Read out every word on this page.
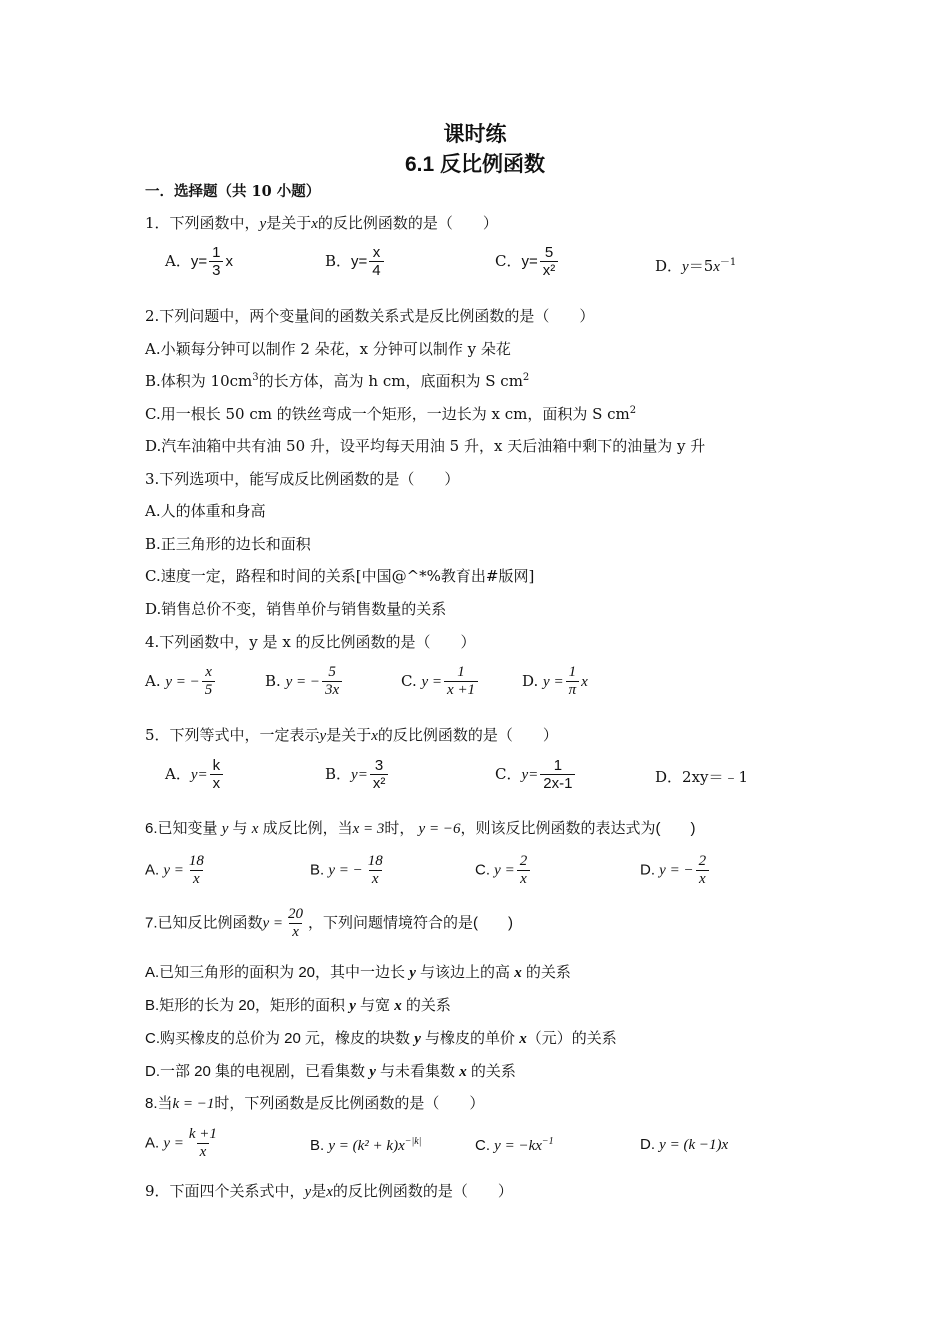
课时练
6.1 反比例函数
一．选择题（共 10 小题）
1．下列函数中，y是关于x的反比例函数的是（　　）
A．$y= \frac{1}{3}$ x	B．$y= \frac{x}{4}$	C．$y= \frac{5}{\text{x²}}$	D．$y=5x^{-1}$
2.下列问题中，两个变量间的函数关系式是反比例函数的是（　　）
A.小颖每分钟可以制作 2 朵花，x 分钟可以制作 y 朵花
B.体积为 $10cm^3$的长方体，高为 h cm，底面积为 S $cm^2$
C.用一根长 50 cm 的铁丝弯成一个矩形，一边长为 x cm，面积为 S $cm^2$
D.汽车油箱中共有油 50 升，设平均每天用油 5 升，x 天后油箱中剩下的油量为 y 升
3.下列选项中，能写成反比例函数的是（　　）
A.人的体重和身高
B.正三角形的边长和面积
C.速度一定，路程和时间的关系[中国@^*%教育出#版网]
D.销售总价不变，销售单价与销售数量的关系
4.下列函数中，y 是 x 的反比例函数的是（　　）
A. y = − $\frac{x}{5}$	B. y = − $\frac{5}{3x}$	C. $y = \frac{1}{x +1}$	D. $y = \frac{1}{\pi}$ x
5．下列等式中，一定表示y是关于x的反比例函数的是（　　）
A．$y= \frac{k}{x}$	B．$y= \frac{3}{\text{x²}}$	C．$y= \frac{1}{2x-1}$	D．2xy＝﹣1
6.已知变量 y 与 x 成反比例，当x = 3时， y = −6，则该反比例函数的表达式为(　　)
A. $y = \frac{18}{x}$	B. y = − $\frac{18}{x}$	C. $y = \frac{2}{x}$	D. y = − $\frac{2}{x}$
7.已知反比例函数$y = \frac{20}{x}$ ，下列问题情境符合的是(　　)
A.已知三角形的面积为 20，其中一边长 y 与该边上的高 x 的关系
B.矩形的长为 20，矩形的面积 y 与宽 x 的关系
C.购买橡皮的总价为 20 元，橡皮的块数 y 与橡皮的单价 x（元）的关系
D.一部 20 集的电视剧，已看集数 y 与未看集数 x 的关系
8.当k = −1时，下列函数是反比例函数的是（　　）
A. $y = \frac{k +1}{x}$	B. $y = (k^2 + k)x^{-|k|}$	C. $y = -kx^{-1}$	D. y = (k −1)x
9．下面四个关系式中，y是x的反比例函数的是（　　）
